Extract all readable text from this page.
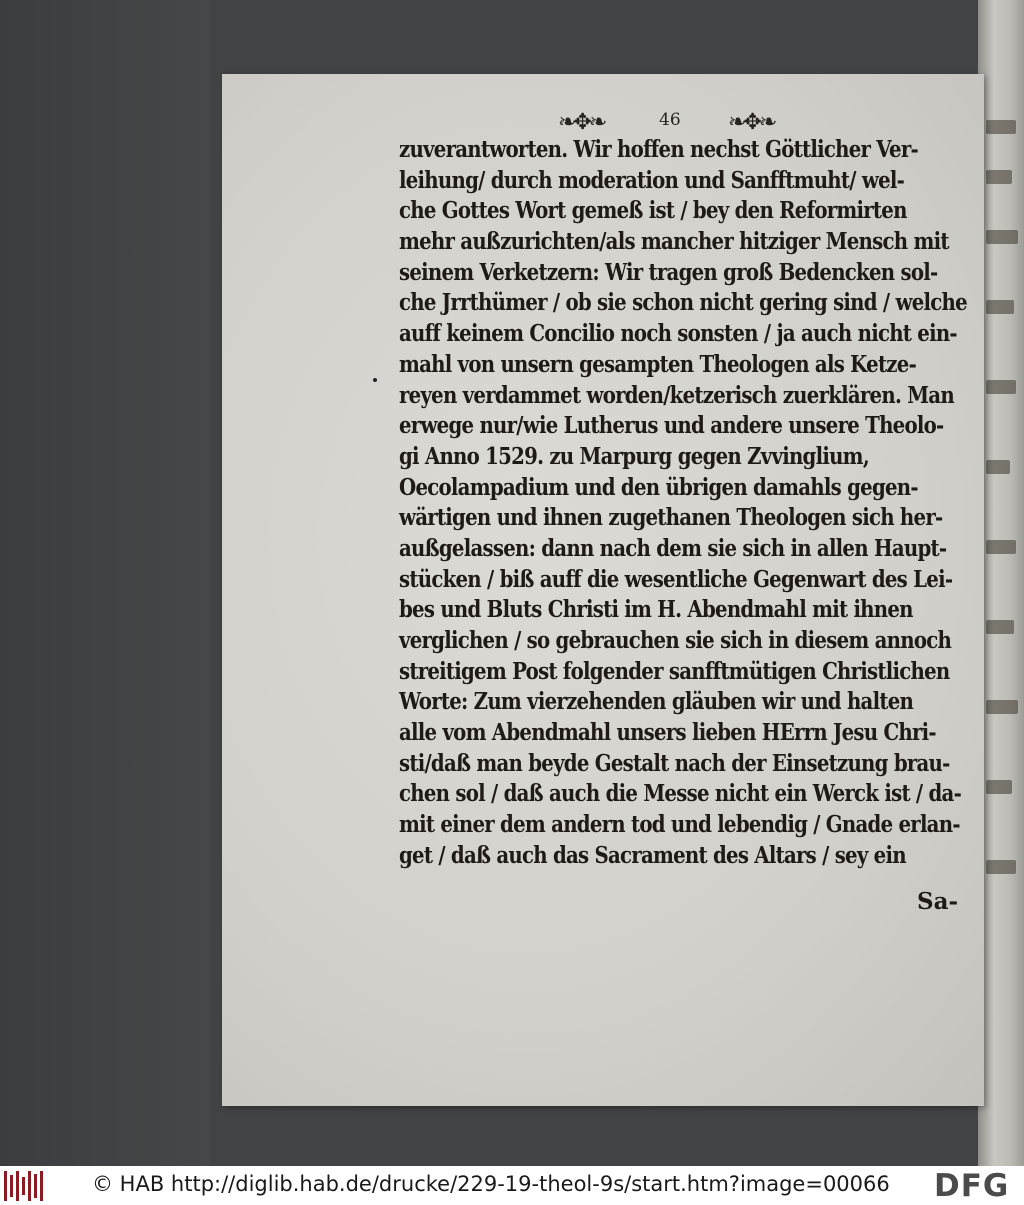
❧✥❧	46 ❧✥❧
zuverantworten. Wir hoffen nechst Göttlicher Ver-
leihung/ durch moderation und Sanfftmuht/ wel-
che Gottes Wort gemeß ist / bey den Reformirten
mehr außzurichten/als mancher hitziger Mensch mit
seinem Verketzern: Wir tragen groß Bedencken sol-
che Jrrthümer / ob sie schon nicht gering sind / welche
auff keinem Concilio noch sonsten / ja auch nicht ein-
mahl von unsern gesampten Theologen als Ketze-
reyen verdammet worden/ketzerisch zuerklären. Man
erwege nur/wie Lutherus und andere unsere Theolo-
gi Anno 1529. zu Marpurg gegen Zvvinglium,
Oecolampadium und den übrigen damahls gegen-
wärtigen und ihnen zugethanen Theologen sich her-
außgelassen: dann nach dem sie sich in allen Haupt-
stücken / biß auff die wesentliche Gegenwart des Lei-
bes und Bluts Christi im H. Abendmahl mit ihnen
verglichen / so gebrauchen sie sich in diesem annoch
streitigem Post folgender sanfftmütigen Christlichen
Worte: Zum vierzehenden gläuben wir und halten
alle vom Abendmahl unsers lieben HErrn Jesu Chri-
sti/daß man beyde Gestalt nach der Einsetzung brau-
chen sol / daß auch die Messe nicht ein Werck ist / da-
mit einer dem andern tod und lebendig / Gnade erlan-
get / daß auch das Sacrament des Altars / sey ein
Sa-
© HAB http://diglib.hab.de/drucke/229-19-theol-9s/start.htm?image=00066 DFG
